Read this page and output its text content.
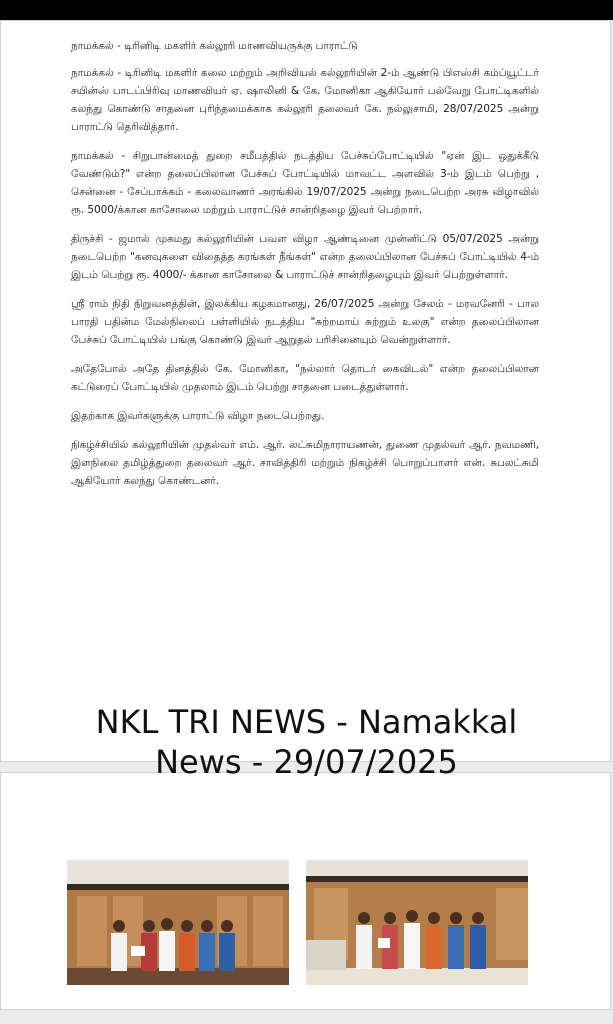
நாமக்கல் - டிரினிடி மகளிர் கல்லூரி மாணவியருக்கு பாராட்டு

நாமக்கல் - டிரினிடி மகளிர் கலை மற்றும் அறிவியல் கல்லூரியின் 2-ம் ஆண்டு பிஎஸ்சி கம்ப்யூட்டர் சயின்ஸ் பாடப்பிரிவு மாணவியர் ஏ. ஷாலினி & கே. மோனிகா ஆகியோர் பல்வேறு போட்டிகளில் கலந்து கொண்டு சாதனை புரிந்தமைக்காக கல்லூரி தலைவர் கே. நல்லுசாமி, 28/07/2025 அன்று பாராட்டு தெரிவித்தார்.

நாமக்கல் - சிறுபான்மைத் துறை சமீபத்தில் நடத்திய பேச்சுப்போட்டியில் "ஏன் இட ஒதுக்கீடு வேண்டும்?" என்ற தலைப்பிலான பேச்சுப் போட்டியில் மாவட்ட அளவில் 3-ம் இடம் பெற்று , சென்னை - சேப்பாக்கம் - கலைவாணர் அரங்கில் 19/07/2025 அன்று நடைபெற்ற அரசு விழாவில் ரூ. 5000/க்கான காசோலை மற்றும் பாராட்டுச் சான்றிதழை இவர் பெற்றார்.

திருச்சி - ஜமால் முகமது கல்லூரியின் பவள விழா ஆண்டினை முன்னிட்டு 05/07/2025 அன்று நடைபெற்ற "கனவுகளை விதைத்த கரங்கள் நீங்கள்" என்ற தலைப்பிலான பேச்சுப் போட்டியில் 4-ம் இடம் பெற்று ரூ. 4000/- க்கான காசோலை & பாராட்டுச் சான்றிதழையும் இவர் பெற்றுள்ளார்.

ஸ்ரீ ராம் நிதி நிறுவனத்தின், இலக்கிய கழகமானது, 26/07/2025 அன்று சேலம் - மரவனேரி - பால பாரதி பதின்ம மேல்நிலைப் பள்ளியில் நடத்திய "சுற்றமாய் சுற்றும் உலகு" என்ற தலைப்பிலான பேச்சுப் போட்டியில் பங்கு கொண்டு இவர் ஆறுதல் பரிசினையும் வென்றுள்ளார்.

அதேபோல் அதே தினத்தில் கே. மோனிகா, "நல்லார் தொடர் கைவிடல்" என்ற தலைப்பிலான கட்டுரைப் போட்டியில் முதலாம் இடம் பெற்று சாதனை படைத்துள்ளார்.

இதற்காக இவர்களுக்கு பாராட்டு விழா நடைபெற்றது.

நிகழ்ச்சியில் கல்லூரியின் முதல்வர் எம். ஆர். லட்சுமிநாராயணன், துணை முதல்வர் ஆர். நவமணி, இளநிலை தமிழ்த்துறை தலைவர் ஆர். சாவித்திரி மற்றும் நிகழ்ச்சி பொறுப்பாளர் என். சுபலட்சுமி ஆகியோர் கலந்து கொண்டனர்.

NKL TRI NEWS - Namakkal
News - 29/07/2025
